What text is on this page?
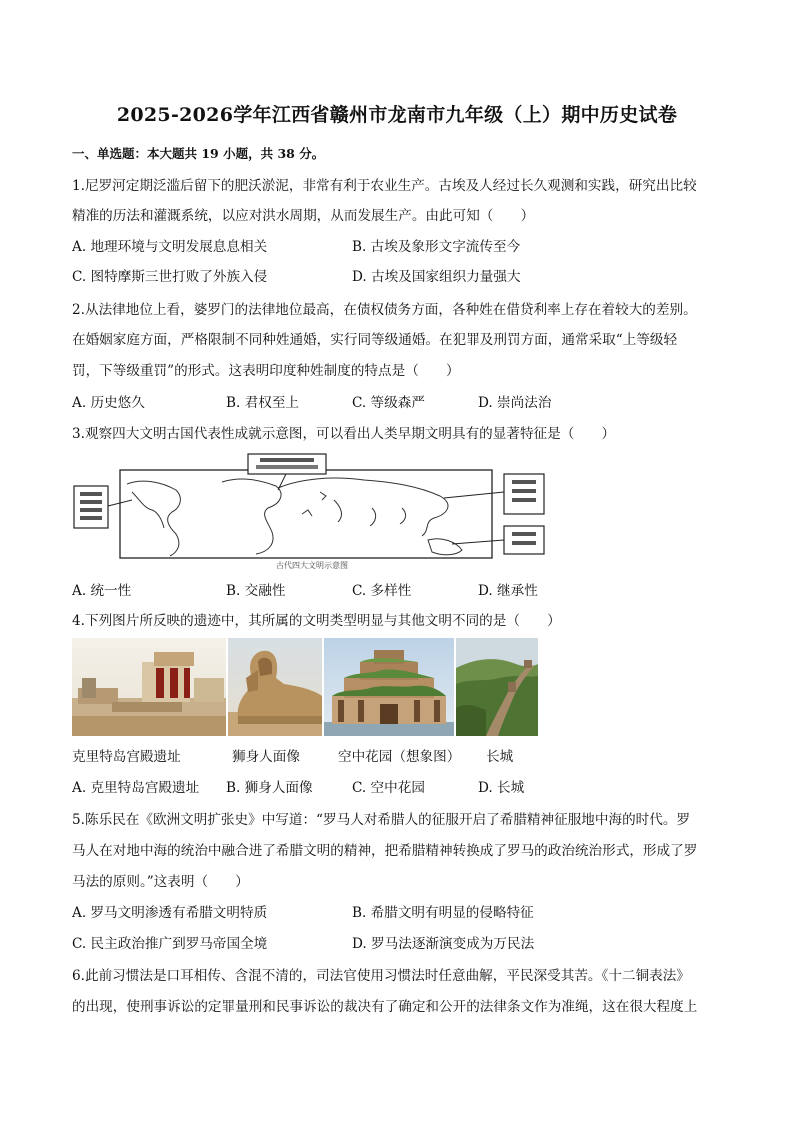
2025-2026学年江西省赣州市龙南市九年级（上）期中历史试卷
一、单选题：本大题共 19 小题，共 38 分。
1.尼罗河定期泛滥后留下的肥沃淤泥，非常有利于农业生产。古埃及人经过长久观测和实践，研究出比较
精准的历法和灌溉系统，以应对洪水周期，从而发展生产。由此可知（　　）
A. 地理环境与文明发展息息相关	B. 古埃及象形文字流传至今
C. 图特摩斯三世打败了外族入侵	D. 古埃及国家组织力量强大
2.从法律地位上看，婆罗门的法律地位最高，在债权债务方面，各种姓在借贷利率上存在着较大的差别。
在婚姻家庭方面，严格限制不同种姓通婚，实行同等级通婚。在犯罪及刑罚方面，通常采取“上等级轻
罚，下等级重罚”的形式。这表明印度种姓制度的特点是（　　）
A. 历史悠久	B. 君权至上	C. 等级森严	D. 崇尚法治
3.观察四大文明古国代表性成就示意图，可以看出人类早期文明具有的显著特征是（　　）
古代四大文明示意图
A. 统一性	B. 交融性	C. 多样性	D. 继承性
4.下列图片所反映的遗迹中，其所属的文明类型明显与其他文明不同的是（　　）
克里特岛宫殿遗址	狮身人面像	空中花园（想象图） 长城
A. 克里特岛宫殿遗址 B. 狮身人面像	C. 空中花园	D. 长城
5.陈乐民在《欧洲文明扩张史》中写道：“罗马人对希腊人的征服开启了希腊精神征服地中海的时代。罗
马人在对地中海的统治中融合进了希腊文明的精神，把希腊精神转换成了罗马的政治统治形式，形成了罗
马法的原则。”这表明（　　）
A. 罗马文明渗透有希腊文明特质	B. 希腊文明有明显的侵略特征
C. 民主政治推广到罗马帝国全境	D. 罗马法逐渐演变成为万民法
6.此前习惯法是口耳相传、含混不清的，司法官使用习惯法时任意曲解，平民深受其苦。《十二铜表法》
的出现，使刑事诉讼的定罪量刑和民事诉讼的裁决有了确定和公开的法律条文作为准绳，这在很大程度上
